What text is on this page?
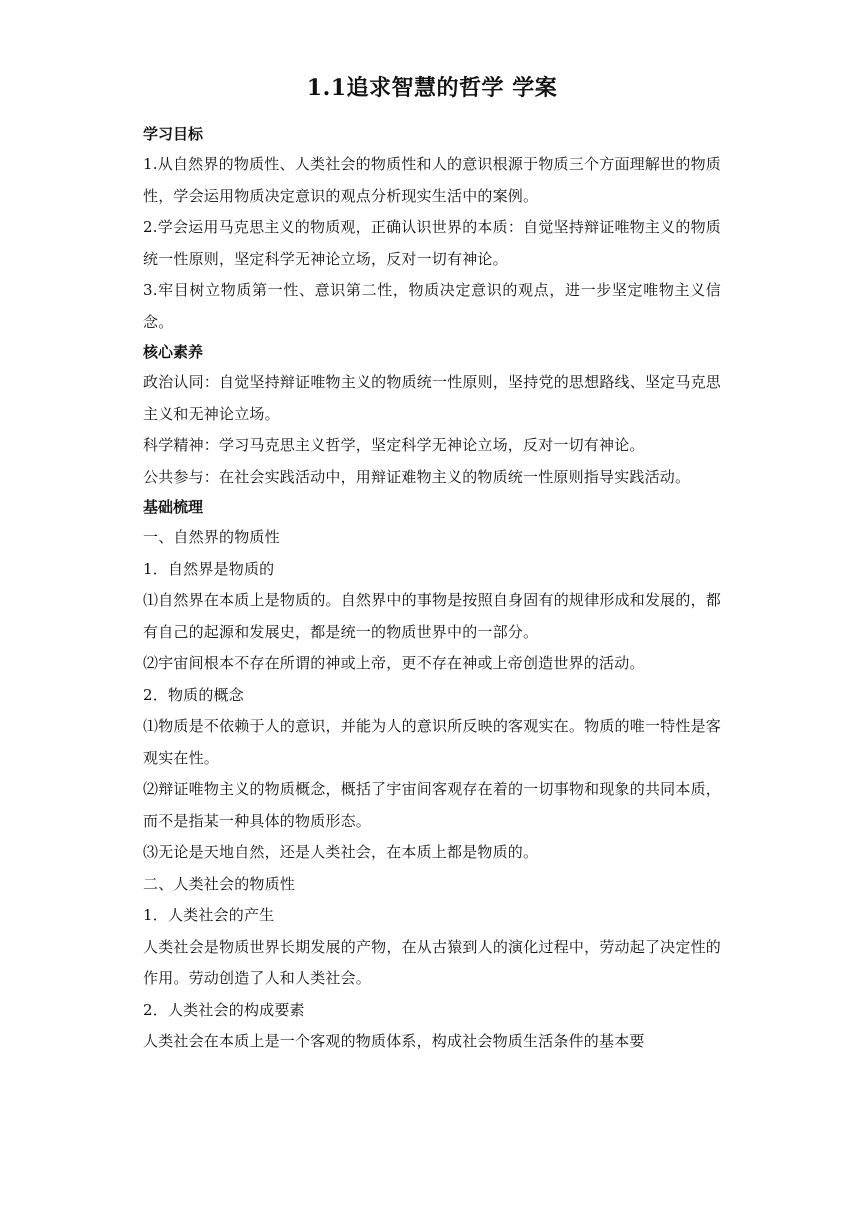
1.1追求智慧的哲学 学案

学习目标

1.从自然界的物质性、人类社会的物质性和人的意识根源于物质三个方面理解世的物质性，学会运用物质决定意识的观点分析现实生活中的案例。

2.学会运用马克思主义的物质观，正确认识世界的本质：自觉坚持辩证唯物主义的物质统一性原则，坚定科学无神论立场，反对一切有神论。

3.牢目树立物质第一性、意识第二性，物质决定意识的观点，进一步坚定唯物主义信念。

核心素养

政治认同：自觉坚持辩证唯物主义的物质统一性原则，坚持党的思想路线、坚定马克思主义和无神论立场。

科学精神：学习马克思主义哲学，坚定科学无神论立场，反对一切有神论。

公共参与：在社会实践活动中，用辩证难物主义的物质统一性原则指导实践活动。

基础梳理

一、自然界的物质性

1．自然界是物质的

⑴自然界在本质上是物质的。自然界中的事物是按照自身固有的规律形成和发展的，都有自己的起源和发展史，都是统一的物质世界中的一部分。

⑵宇宙间根本不存在所谓的神或上帝，更不存在神或上帝创造世界的活动。

2．物质的概念

⑴物质是不依赖于人的意识，并能为人的意识所反映的客观实在。物质的唯一特性是客观实在性。

⑵辩证唯物主义的物质概念，概括了宇宙间客观存在着的一切事物和现象的共同本质，而不是指某一种具体的物质形态。

⑶无论是天地自然，还是人类社会，在本质上都是物质的。

二、人类社会的物质性

1．人类社会的产生

人类社会是物质世界长期发展的产物，在从古猿到人的演化过程中，劳动起了决定性的作用。劳动创造了人和人类社会。

2．人类社会的构成要素

人类社会在本质上是一个客观的物质体系，构成社会物质生活条件的基本要
